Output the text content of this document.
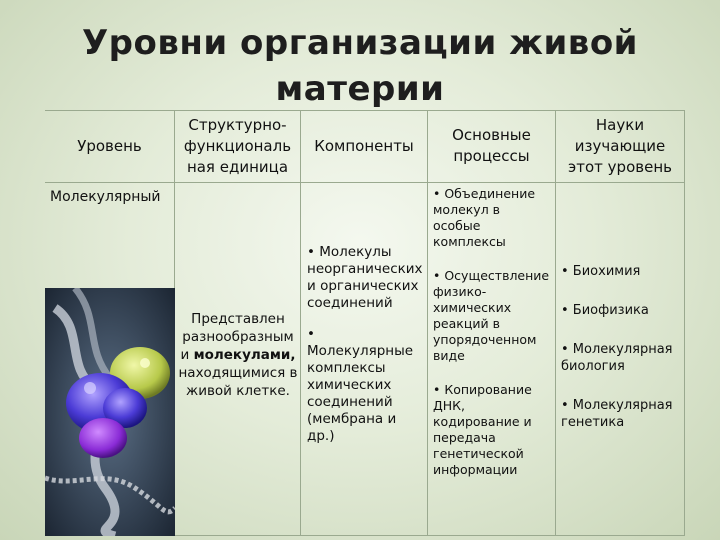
Уровни организации живой
материи
Уровень
Структурно-
функциональ
ная единица
Компоненты
Основные
процессы
Науки
изучающие
этот уровень
Молекулярный
Представлен
разнообразным
и молекулами,
находящимися в
живой клетке.
• Молекулы
неорганических
и органических
соединений
• Молекулярные
комплексы
химических
соединений
(мембрана и
др.)
• Объединение
молекул в
особые
комплексы
• Осуществление
физико-
химических
реакций в
упорядоченном
виде
• Копирование
ДНК,
кодирование и
передача
генетической
информации
• Биохимия
• Биофизика
• Молекулярная
биология
• Молекулярная
генетика
